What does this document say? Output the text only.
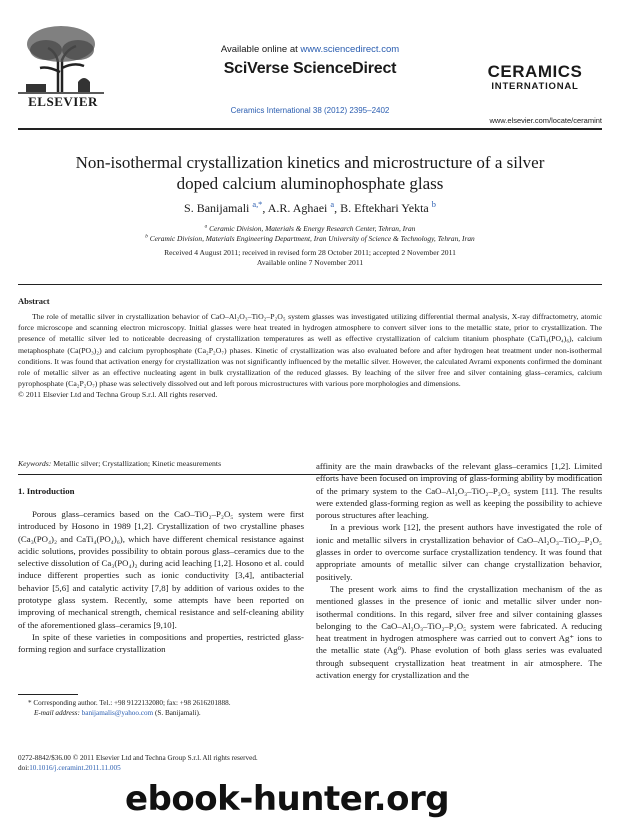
ELSEVIER
Available online at www.sciencedirect.com
SciVerse ScienceDirect
Ceramics International 38 (2012) 2395–2402
CERAMICS
INTERNATIONAL
www.elsevier.com/locate/ceramint
Non-isothermal crystallization kinetics and microstructure of a silver
doped calcium aluminophosphate glass
S. Banijamali $^{a,*}$, A.R. Aghaei $^a$, B. Eftekhari Yekta $^b$
$^a$ Ceramic Division, Materials & Energy Research Center, Tehran, Iran
$^b$ Ceramic Division, Materials Engineering Department, Iran University of Science & Technology, Tehran, Iran
Received 4 August 2011; received in revised form 28 October 2011; accepted 2 November 2011
Available online 7 November 2011
Abstract

The role of metallic silver in crystallization behavior of CaO–Al₂O₃–TiO₂–P₂O₅ system glasses was investigated utilizing differential thermal analysis, X-ray diffractometry, atomic force microscope and scanning electron microscopy. Initial glasses were heat treated in hydrogen atmosphere to convert silver ions to the metallic state, prior to crystallization. The presence of metallic silver led to noticeable decreasing of crystallization temperatures as well as effective crystallization of calcium titanium phosphate (CaTi₄(PO₄)₆), calcium metaphosphate (Ca(PO₃)₂) and calcium pyrophosphate (Ca₂P₂O₇) phases. Kinetic of crystallization was also evaluated before and after hydrogen heat treatment under non-isothermal conditions. It was found that activation energy for crystallization was not significantly influenced by the metallic silver. However, the calculated Avrami exponents confirmed the dominant role of metallic silver as an effective nucleating agent in bulk crystallization of the reduced glasses. By leaching of the silver free and silver containing glass–ceramics, calcium pyrophosphate (Ca₂P₂O₇) phase was selectively dissolved out and left porous microstructures with various pore morphologies and dimensions.

© 2011 Elsevier Ltd and Techna Group S.r.l. All rights reserved.
Keywords: Metallic silver; Crystallization; Kinetic measurements
1. Introduction

Porous glass–ceramics based on the CaO–TiO₂–P₂O₅ system were first introduced by Hosono in 1989 [1,2]. Crystallization of two crystalline phases (Ca₃(PO₄)₂ and CaTi₄(PO₄)₆), which have different chemical resistance against acidic solutions, provides possibility to obtain porous glass–ceramics due to the selective dissolution of Ca₃(PO₄)₂ during acid leaching [1,2]. Hosono et al. could induce different properties such as ionic conductivity [3,4], antibacterial behavior [5,6] and catalytic activity [7,8] by addition of various oxides to the prototype glass system. Recently, some attempts have been reported on improving of mechanical strength, chemical resistance and self-cleaning ability of the aforementioned glass–ceramics [9,10].

In spite of these varieties in compositions and properties, restricted glass-forming region and surface crystallization

affinity are the main drawbacks of the relevant glass–ceramics [1,2]. Limited efforts have been focused on improving of glass-forming ability by modification of the primary system to the CaO–Al₂O₃–TiO₂–P₂O₅ system [11]. The results were extended glass-forming region as well as keeping the possibility to achieve porous structures after leaching.

In a previous work [12], the present authors have investigated the role of ionic and metallic silvers in crystallization behavior of CaO–Al₂O₃–TiO₂–P₂O₅ glasses in order to overcome surface crystallization tendency. It was found that appropriate amounts of metallic silver can change crystallization behavior, positively.

The present work aims to find the crystallization mechanism of the as mentioned glasses in the presence of ionic and metallic silver under non-isothermal conditions. In this regard, silver free and silver containing glasses belonging to the CaO–Al₂O₃–TiO₂–P₂O₅ system were fabricated. A reducing heat treatment in hydrogen atmosphere was carried out to convert Ag⁺ ions to the metallic state (Ag⁰). Phase evolution of both glass series was evaluated through subsequent crystallization heat treatment in air atmosphere. The activation energy for crystallization and the

* Corresponding author. Tel.: +98 9122132080; fax: +98 2616201888.
E-mail address: banijamalis@yahoo.com (S. Banijamali).
0272-8842/$36.00 © 2011 Elsevier Ltd and Techna Group S.r.l. All rights reserved.
doi:10.1016/j.ceramint.2011.11.005
ebook-hunter.org
